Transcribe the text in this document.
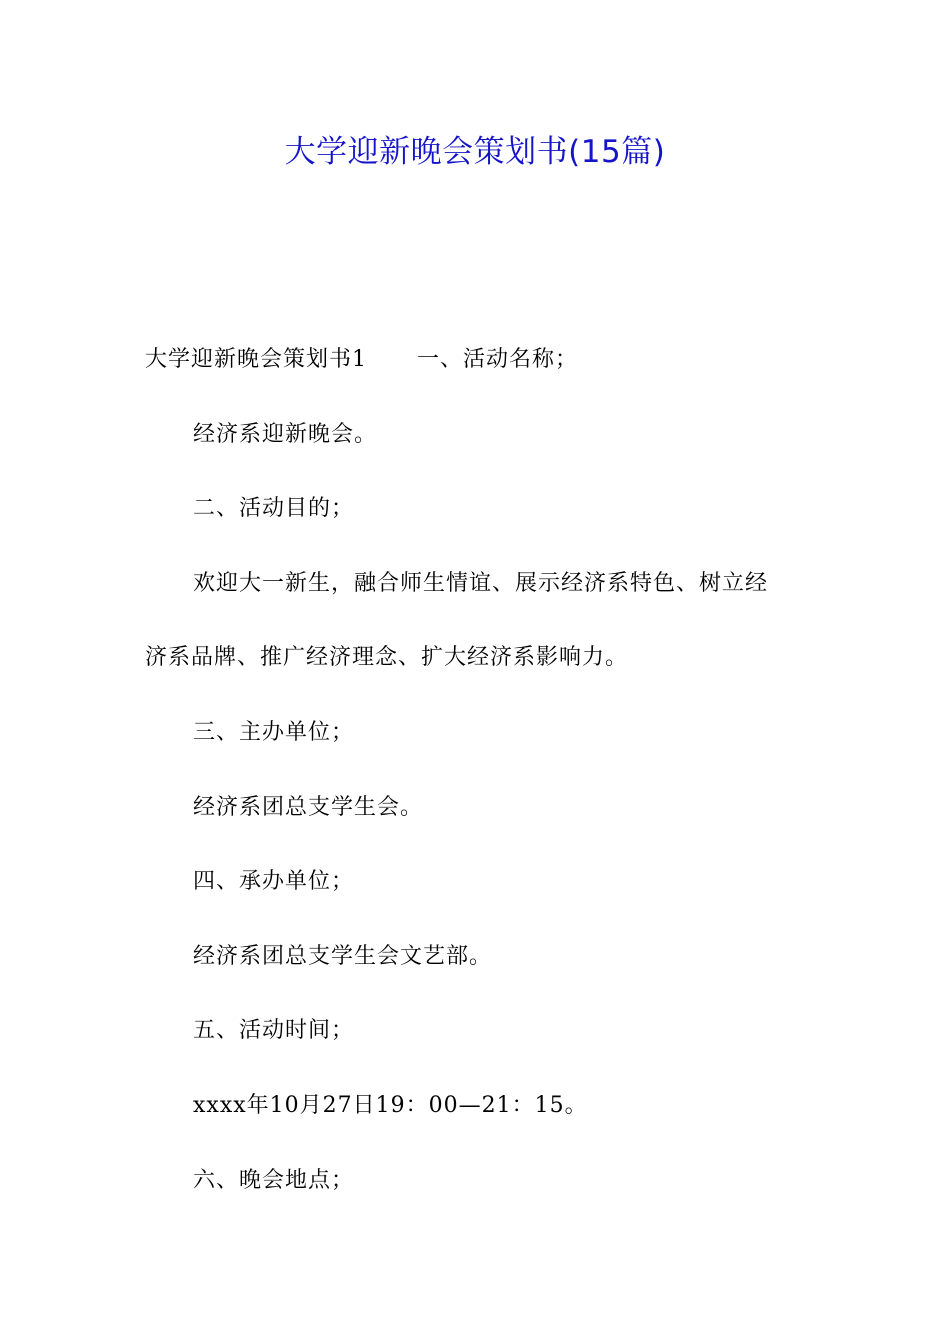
大学迎新晚会策划书(15篇)
大学迎新晚会策划书1 一、活动名称；
经济系迎新晚会。
二、活动目的；
欢迎大一新生，融合师生情谊、展示经济系特色、树立经
济系品牌、推广经济理念、扩大经济系影响力。
三、主办单位；
经济系团总支学生会。
四、承办单位；
经济系团总支学生会文艺部。
五、活动时间；
xxxx年10月27日19：00—21：15。
六、晚会地点；
